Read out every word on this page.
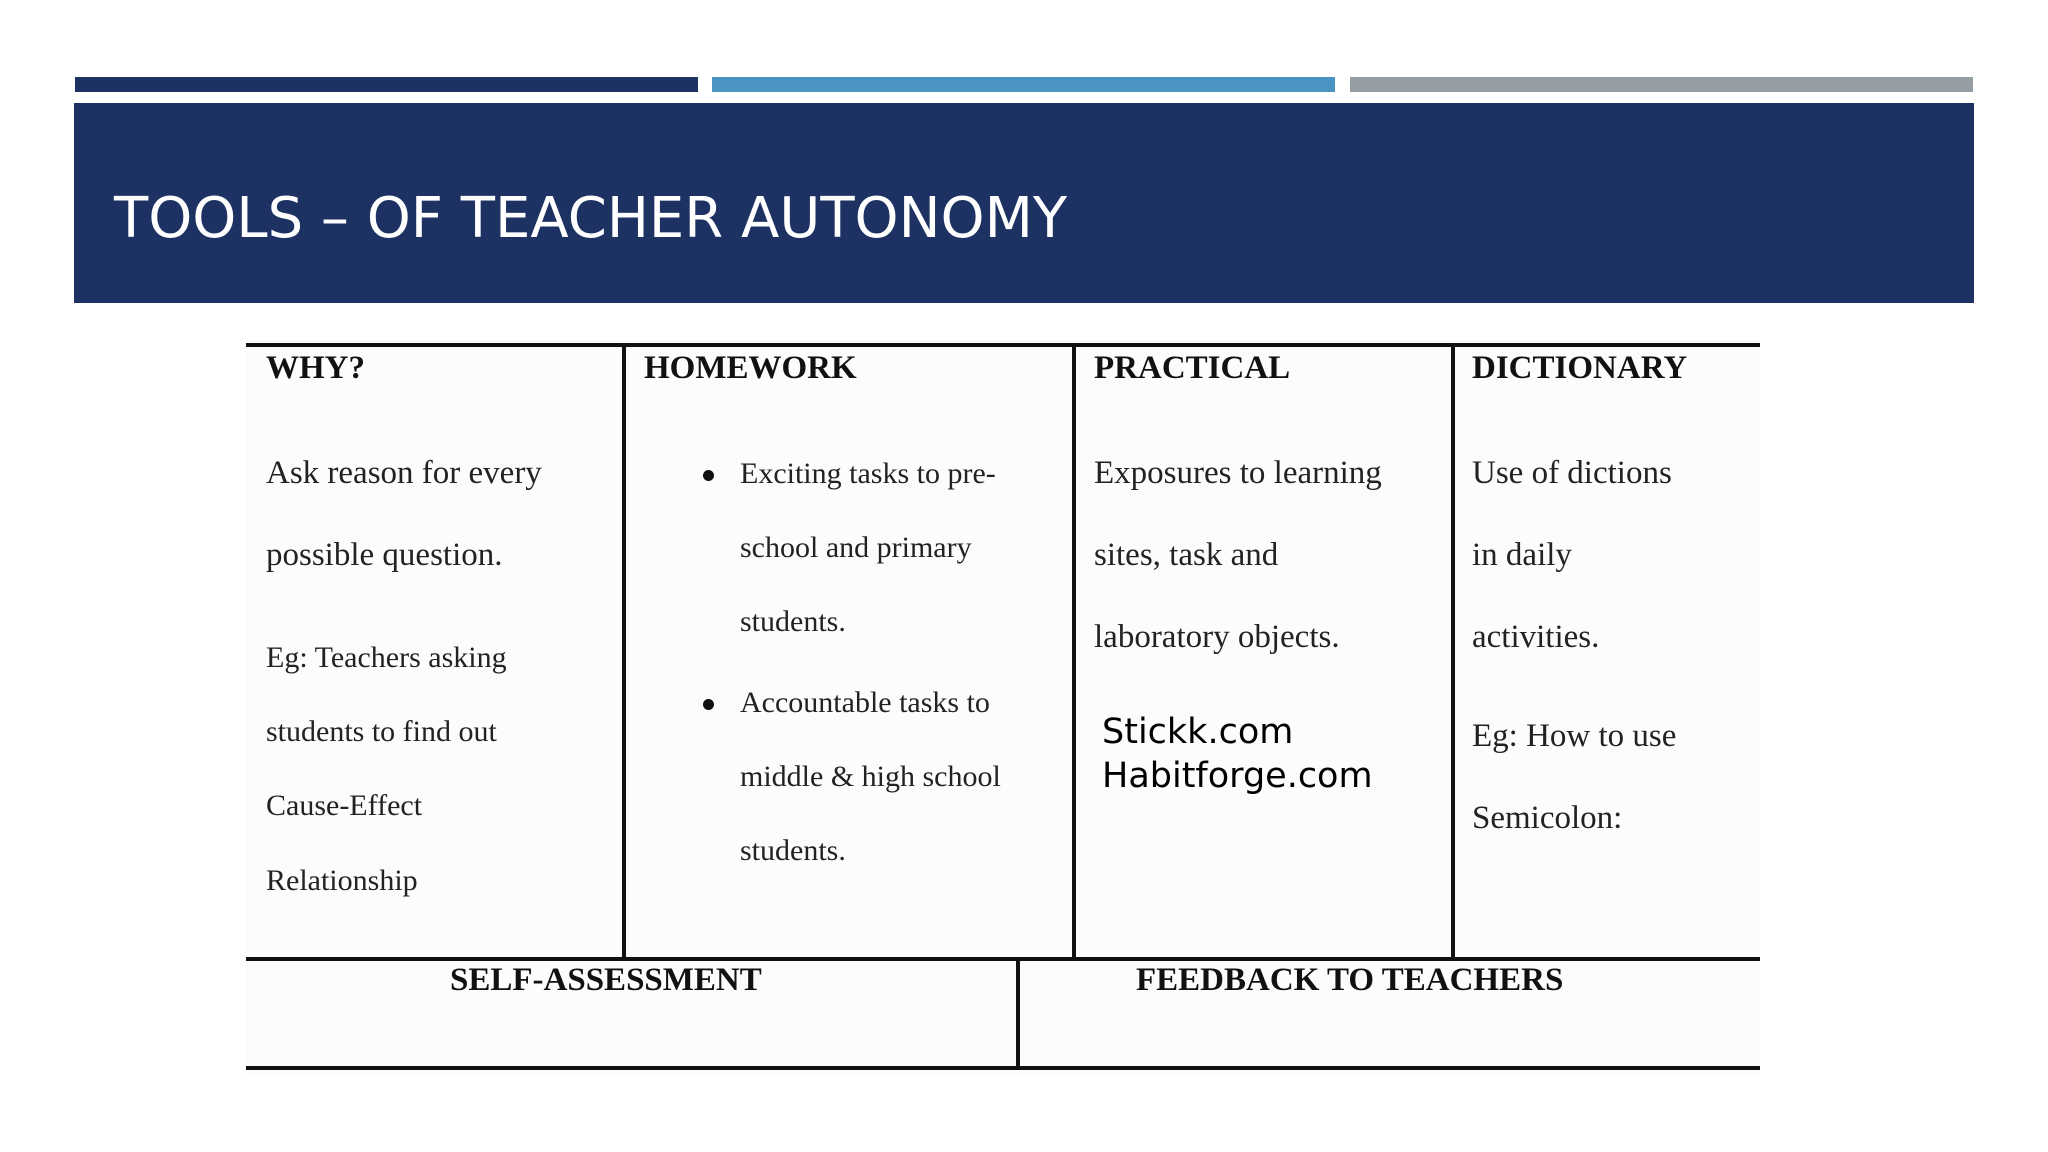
TOOLS – OF TEACHER AUTONOMY
WHY?
Ask reason for every
possible question.
Eg: Teachers asking
students to find out
Cause-Effect
Relationship
HOMEWORK
Exciting tasks to pre-
school and primary
students.
Accountable tasks to
middle & high school
students.
PRACTICAL
Exposures to learning
sites, task and
laboratory objects.
Stickk.com
Habitforge.com
DICTIONARY
Use of dictions
in daily
activities.
Eg: How to use
Semicolon:
SELF-ASSESSMENT	FEEDBACK TO TEACHERS
